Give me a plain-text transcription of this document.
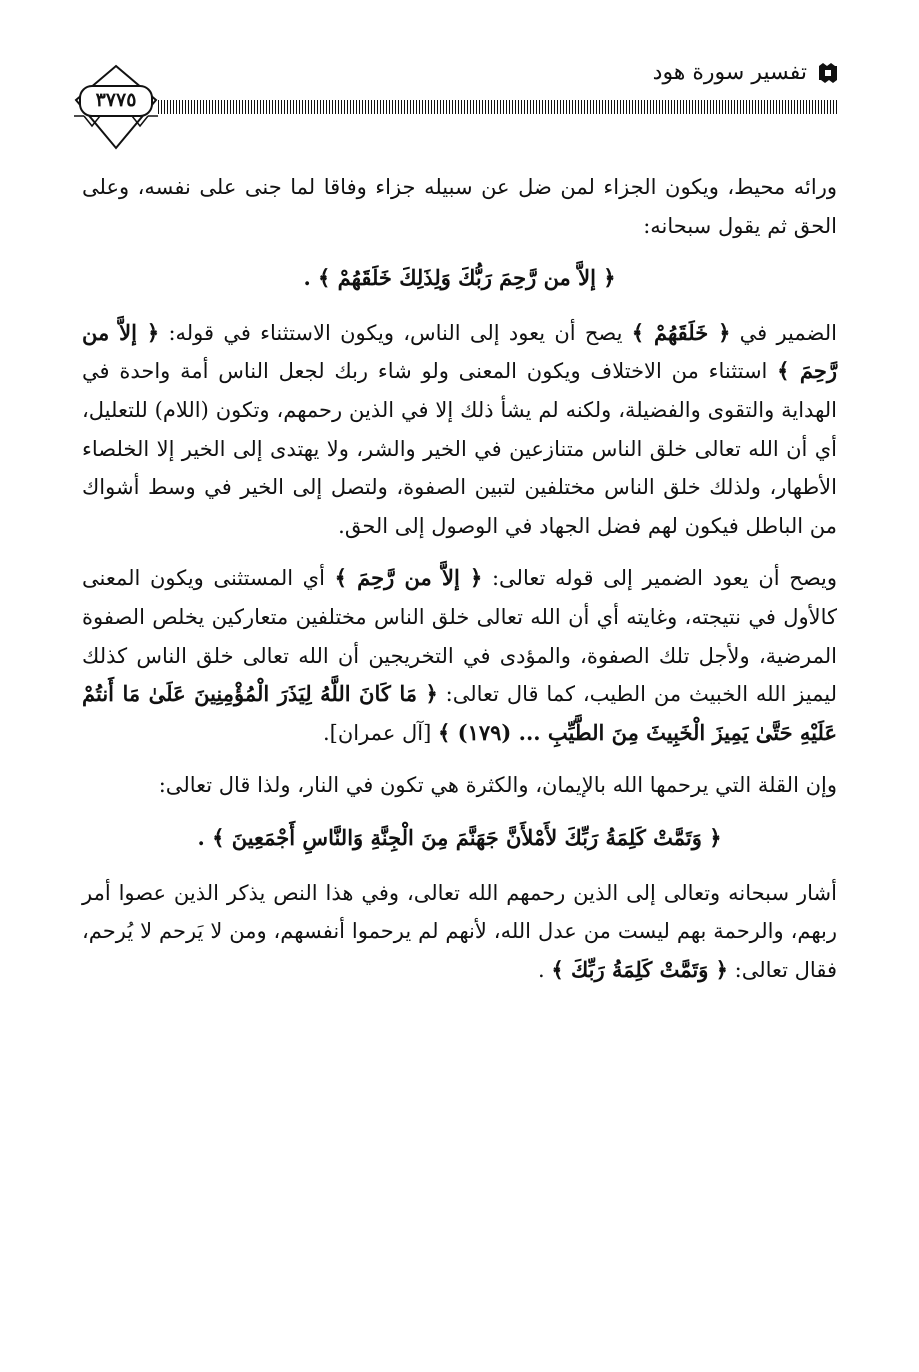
تفسير سورة هود
٣٧٧٥

ورائه محيط، ويكون الجزاء لمن ضل عن سبيله جزاء وفاقا لما جنى على نفسه، وعلى الحق ثم يقول سبحانه:

﴿ إلاَّ من رَّحِمَ رَبُّكَ وَلِذَلِكَ خَلَقَهُمْ ﴾ .

الضمير في ﴿ خَلَقَهُمْ ﴾ يصح أن يعود إلى الناس، ويكون الاستثناء في قوله: ﴿ إلاَّ من رَّحِمَ ﴾ استثناء من الاختلاف ويكون المعنى ولو شاء ربك لجعل الناس أمة واحدة في الهداية والتقوى والفضيلة، ولكنه لم يشأ ذلك إلا في الذين رحمهم، وتكون (اللام) للتعليل، أي أن الله تعالى خلق الناس متنازعين في الخير والشر، ولا يهتدى إلى الخير إلا الخلصاء الأطهار، ولذلك خلق الناس مختلفين لتبين الصفوة، ولتصل إلى الخير في وسط أشواك من الباطل فيكون لهم فضل الجهاد في الوصول إلى الحق.

ويصح أن يعود الضمير إلى قوله تعالى: ﴿ إلاَّ من رَّحِمَ ﴾ أي المستثنى ويكون المعنى كالأول في نتيجته، وغايته أي أن الله تعالى خلق الناس مختلفين متعاركين يخلص الصفوة المرضية، ولأجل تلك الصفوة، والمؤدى في التخريجين أن الله تعالى خلق الناس كذلك ليميز الله الخبيث من الطيب، كما قال تعالى: ﴿ مَا كَانَ اللَّهُ لِيَذَرَ الْمُؤْمِنِينَ عَلَىٰ مَا أَنتُمْ عَلَيْهِ حَتَّىٰ يَمِيزَ الْخَبِيثَ مِنَ الطَّيِّبِ ... (١٧٩) ﴾ [آل عمران].

وإن القلة التي يرحمها الله بالإيمان، والكثرة هي تكون في النار، ولذا قال تعالى:

﴿ وَتَمَّتْ كَلِمَةُ رَبِّكَ لأَمْلأَنَّ جَهَنَّمَ مِنَ الْجِنَّةِ وَالنَّاسِ أَجْمَعِينَ ﴾ .

أشار سبحانه وتعالى إلى الذين رحمهم الله تعالى، وفي هذا النص يذكر الذين عصوا أمر ربهم، والرحمة بهم ليست من عدل الله، لأنهم لم يرحموا أنفسهم، ومن لا يَرحم لا يُرحم، فقال تعالى: ﴿ وَتَمَّتْ كَلِمَةُ رَبِّكَ ﴾ .
